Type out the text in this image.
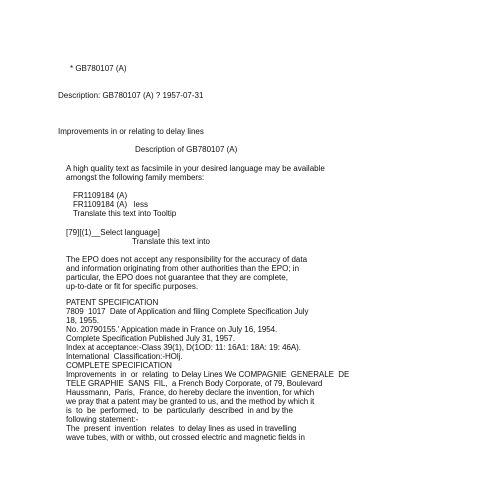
* GB780107 (A)
Description: GB780107 (A) ? 1957-07-31
Improvements in or relating to delay lines
Description of GB780107 (A)
A high quality text as facsimile in your desired language may be available
amongst the following family members:
FR1109184 (A)
FR1109184 (A)   less
Translate this text into Tooltip
[79][(1)__Select language]
Translate this text into
The EPO does not accept any responsibility for the accuracy of data
and information originating from other authorities than the EPO; in
particular, the EPO does not guarantee that they are complete,
up-to-date or fit for specific purposes.
PATENT SPECIFICATION
7809  1017  Date of Application and filing Complete Specification July
18, 1955.
No. 20790155.' Appication made in France on July 16, 1954.
Complete Specification Published July 31, 1957.
Index at acceptance:-Class 39(1), D(1OD: 11: 16A1: 18A: 19: 46A).
International  Classification:-HOlj.
COMPLETE SPECIFICATION
Improvements  in  or  relating  to Delay Lines We COMPAGNIE  GENERALE  DE
TELE GRAPHIE  SANS  FIL,  a French Body Corporate, of 79, Boulevard
Haussmann,  Paris,  France, do hereby declare the invention, for which
we pray that a patent may be granted to us, and the method by which it
is  to  be  performed,  to  be  particularly  described  in and by the
following statement:-
The  present  invention  relates  to delay lines as used in travelling
wave tubes, with or withb, out crossed electric and magnetic fields in
